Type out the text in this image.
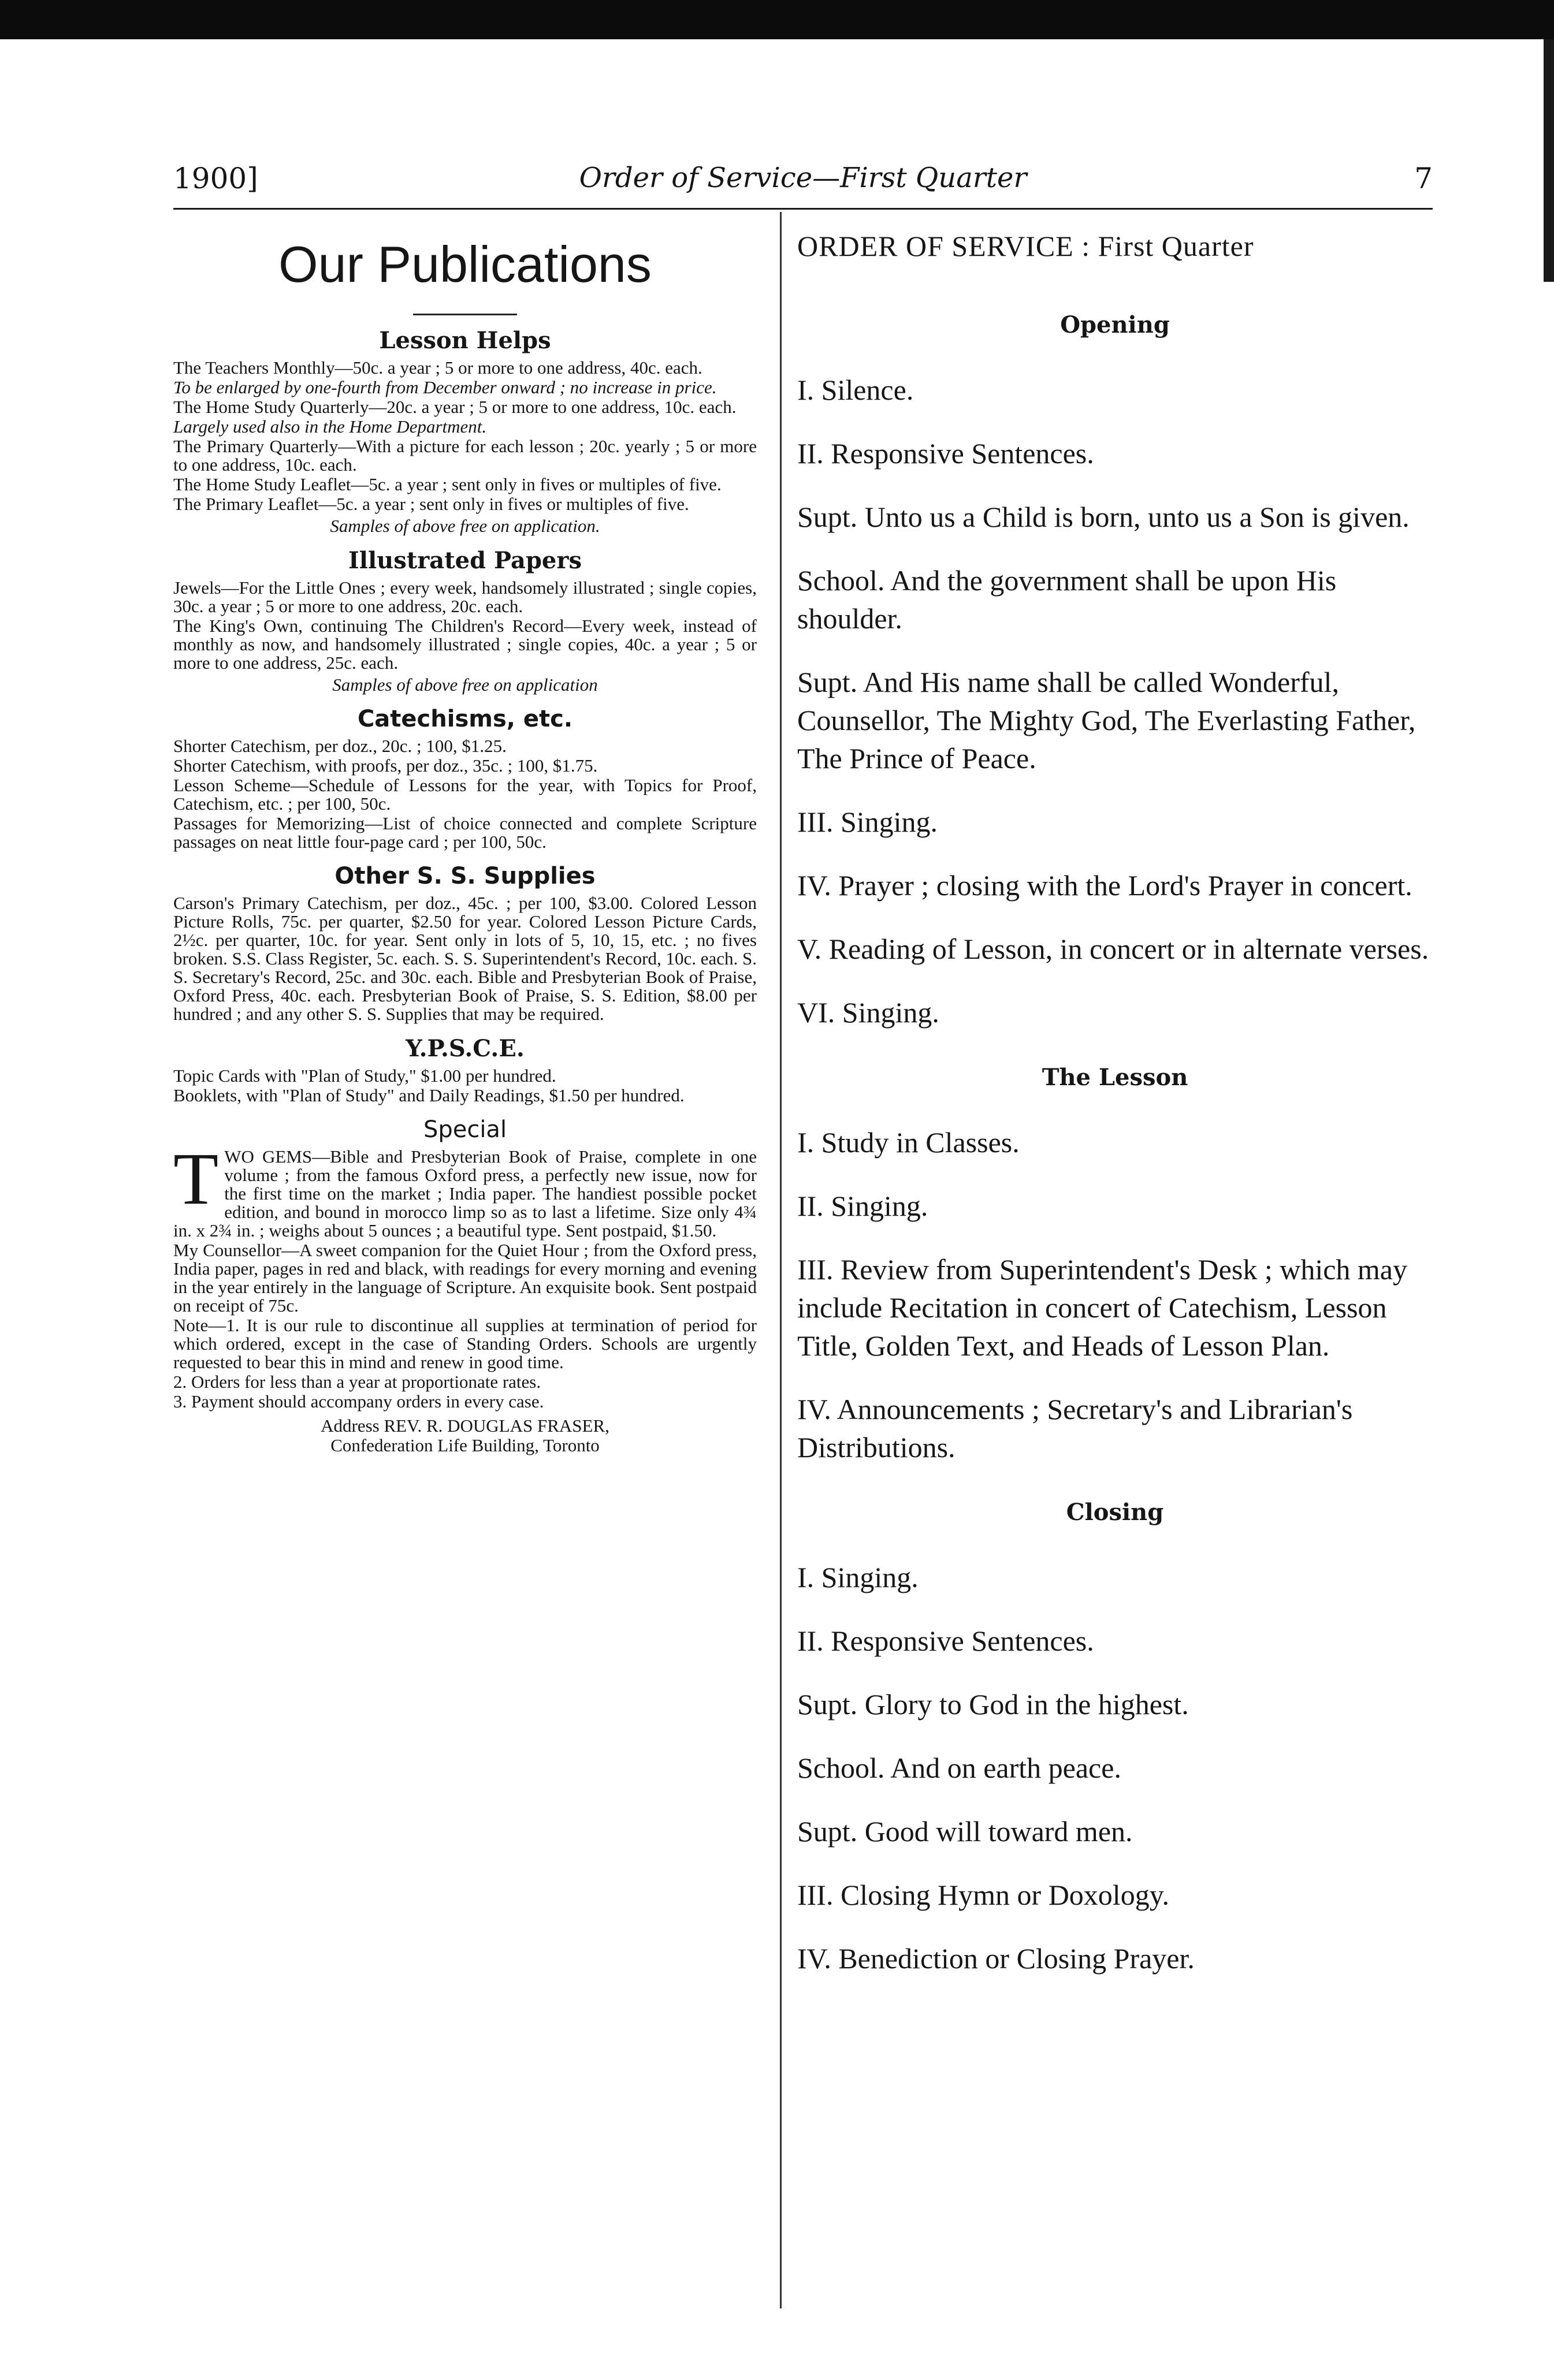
1900]	Order of Service—First Quarter	7
Our Publications
Lesson Helps

The Teachers Monthly—50c. a year ; 5 or more to one address, 40c. each.

To be enlarged by one-fourth from December onward ; no increase in price.

The Home Study Quarterly—20c. a year ; 5 or more to one address, 10c. each.

Largely used also in the Home Department.

The Primary Quarterly—With a picture for each lesson ; 20c. yearly ; 5 or more to one address, 10c. each.

The Home Study Leaflet—5c. a year ; sent only in fives or multiples of five.

The Primary Leaflet—5c. a year ; sent only in fives or multiples of five.

Samples of above free on application.

Illustrated Papers

Jewels—For the Little Ones ; every week, handsomely illustrated ; single copies, 30c. a year ; 5 or more to one address, 20c. each.

The King's Own, continuing The Children's Record—Every week, instead of monthly as now, and handsomely illustrated ; single copies, 40c. a year ; 5 or more to one address, 25c. each.

Samples of above free on application

Catechisms, etc.

Shorter Catechism, per doz., 20c. ; 100, $1.25.

Shorter Catechism, with proofs, per doz., 35c. ; 100, $1.75.

Lesson Scheme—Schedule of Lessons for the year, with Topics for Proof, Catechism, etc. ; per 100, 50c.

Passages for Memorizing—List of choice connected and complete Scripture passages on neat little four-page card ; per 100, 50c.

Other S. S. Supplies

Carson's Primary Catechism, per doz., 45c. ; per 100, $3.00. Colored Lesson Picture Rolls, 75c. per quarter, $2.50 for year. Colored Lesson Picture Cards, 2½c. per quarter, 10c. for year. Sent only in lots of 5, 10, 15, etc. ; no fives broken. S.S. Class Register, 5c. each. S. S. Superintendent's Record, 10c. each. S. S. Secretary's Record, 25c. and 30c. each. Bible and Presbyterian Book of Praise, Oxford Press, 40c. each. Presbyterian Book of Praise, S. S. Edition, $8.00 per hundred ; and any other S. S. Supplies that may be required.

Y.P.S.C.E.

Topic Cards with "Plan of Study," $1.00 per hundred.

Booklets, with "Plan of Study" and Daily Readings, $1.50 per hundred.

Special

TWO GEMS—Bible and Presbyterian Book of Praise, complete in one volume ; from the famous Oxford press, a perfectly new issue, now for the first time on the market ; India paper. The handiest possible pocket edition, and bound in morocco limp so as to last a lifetime. Size only 4¾ in. x 2¾ in. ; weighs about 5 ounces ; a beautiful type. Sent postpaid, $1.50.

My Counsellor—A sweet companion for the Quiet Hour ; from the Oxford press, India paper, pages in red and black, with readings for every morning and evening in the year entirely in the language of Scripture. An exquisite book. Sent postpaid on receipt of 75c.

Note—1. It is our rule to discontinue all supplies at termination of period for which ordered, except in the case of Standing Orders. Schools are urgently requested to bear this in mind and renew in good time.

2. Orders for less than a year at proportionate rates.

3. Payment should accompany orders in every case.

Address REV. R. DOUGLAS FRASER,

Confederation Life Building, Toronto

ORDER OF SERVICE : First Quarter
Opening
I. Silence.
II. Responsive Sentences.
Supt. Unto us a Child is born, unto us a Son is given.
School. And the government shall be upon His shoulder.
Supt. And His name shall be called Wonderful, Counsellor, The Mighty God, The Everlasting Father, The Prince of Peace.
III. Singing.
IV. Prayer ; closing with the Lord's Prayer in concert.
V. Reading of Lesson, in concert or in alternate verses.
VI. Singing.
The Lesson
I. Study in Classes.
II. Singing.
III. Review from Superintendent's Desk ; which may include Recitation in concert of Catechism, Lesson Title, Golden Text, and Heads of Lesson Plan.
IV. Announcements ; Secretary's and Librarian's Distributions.
Closing
I. Singing.
II. Responsive Sentences.
Supt. Glory to God in the highest.
School. And on earth peace.
Supt. Good will toward men.
III. Closing Hymn or Doxology.
IV. Benediction or Closing Prayer.
